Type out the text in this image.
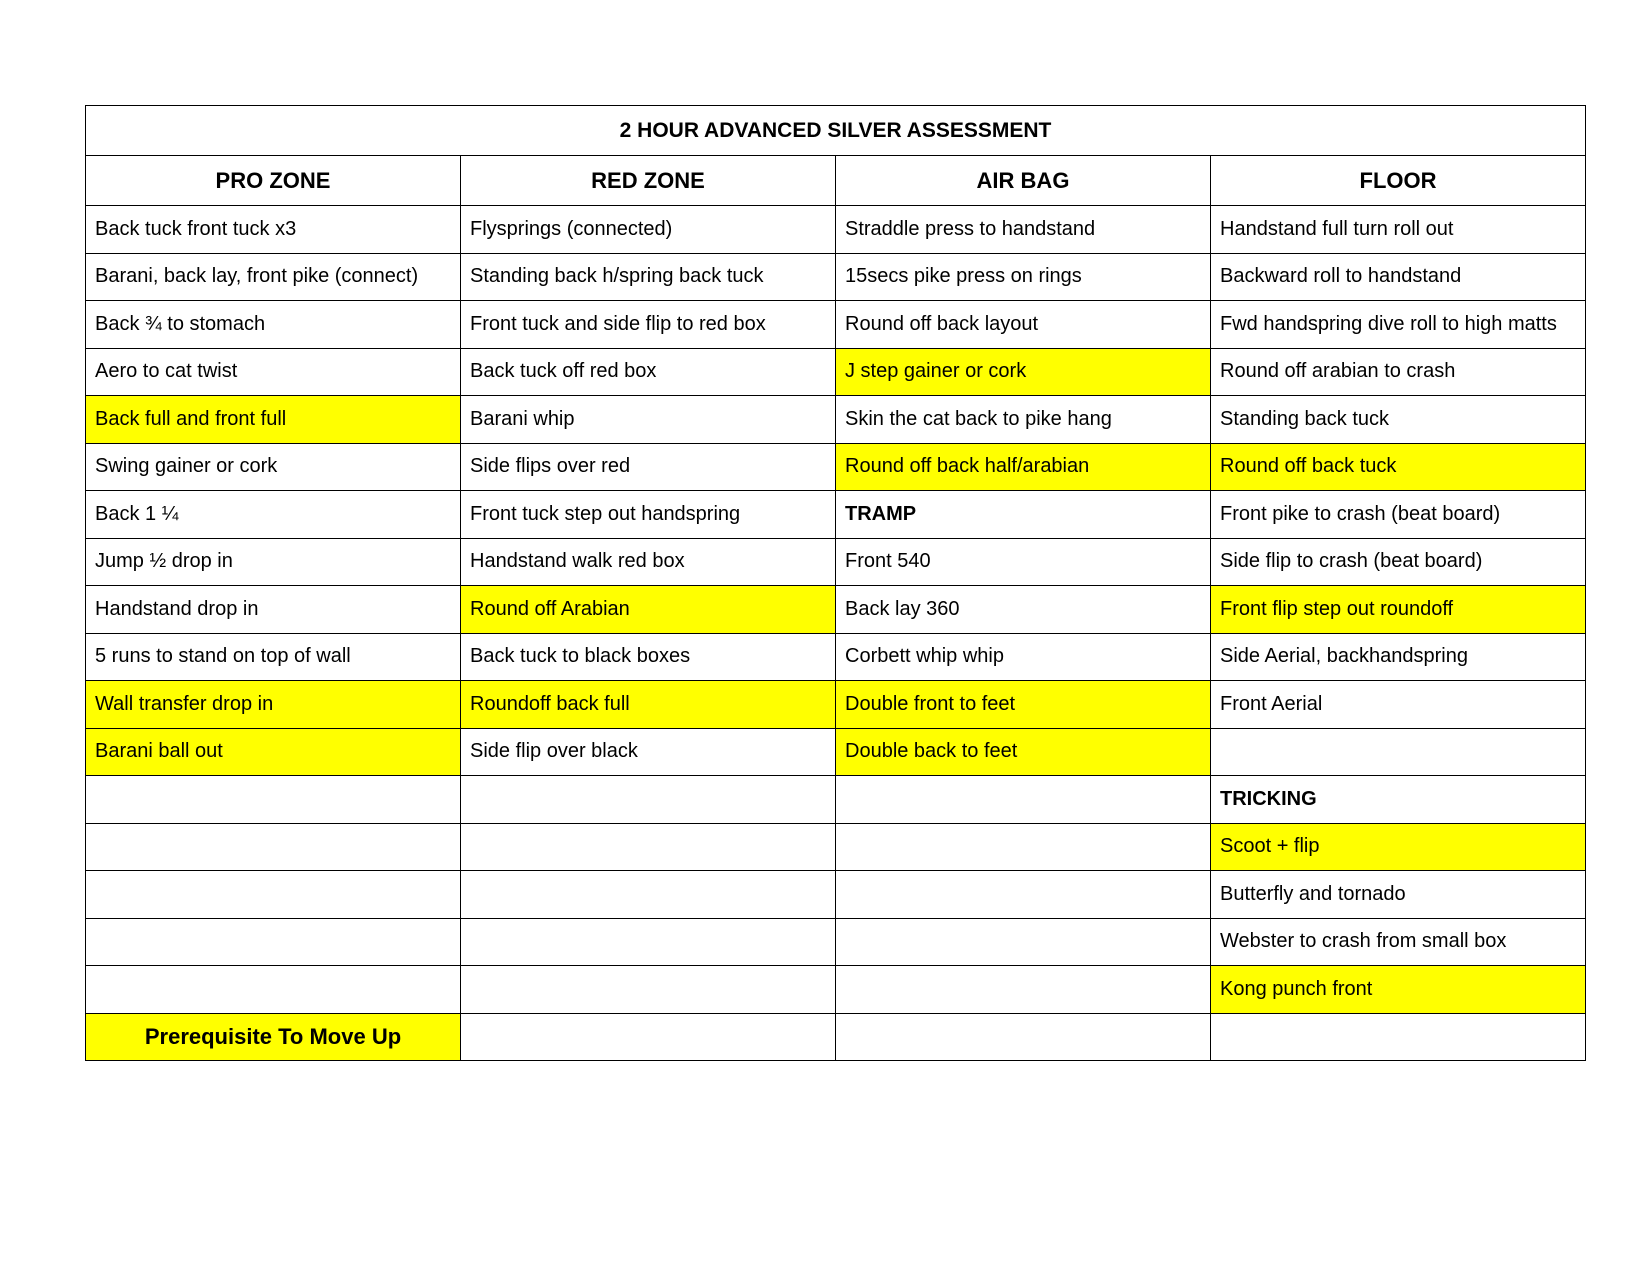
2 HOUR ADVANCED SILVER ASSESSMENT			
PRO ZONE	RED ZONE	AIR BAG	FLOOR
Back tuck front tuck x3	Flysprings (connected)	Straddle press to handstand	Handstand full turn roll out
Barani, back lay, front pike (connect)	Standing back h/spring back tuck	15secs pike press on rings	Backward roll to handstand
Back ¾ to stomach	Front tuck and side flip to red box	Round off back layout	Fwd handspring dive roll to high matts
Aero to cat twist	Back tuck off red box	J step gainer or cork	Round off arabian to crash
Back full and front full	Barani whip	Skin the cat back to pike hang	Standing back tuck
Swing gainer or cork	Side flips over red	Round off back half/arabian	Round off back tuck
Back 1 ¼	Front tuck step out handspring	TRAMP	Front pike to crash (beat board)
Jump ½ drop in	Handstand walk red box	Front 540	Side flip to crash (beat board)
Handstand drop in	Round off Arabian	Back lay 360	Front flip step out roundoff
5 runs to stand on top of wall	Back tuck to black boxes	Corbett whip whip	Side Aerial, backhandspring
Wall transfer drop in	Roundoff back full	Double front to feet	Front Aerial
Barani ball out	Side flip over black	Double back to feet	
			TRICKING
			Scoot + flip
			Butterfly and tornado
			Webster to crash from small box
			Kong punch front
Prerequisite To Move Up			
